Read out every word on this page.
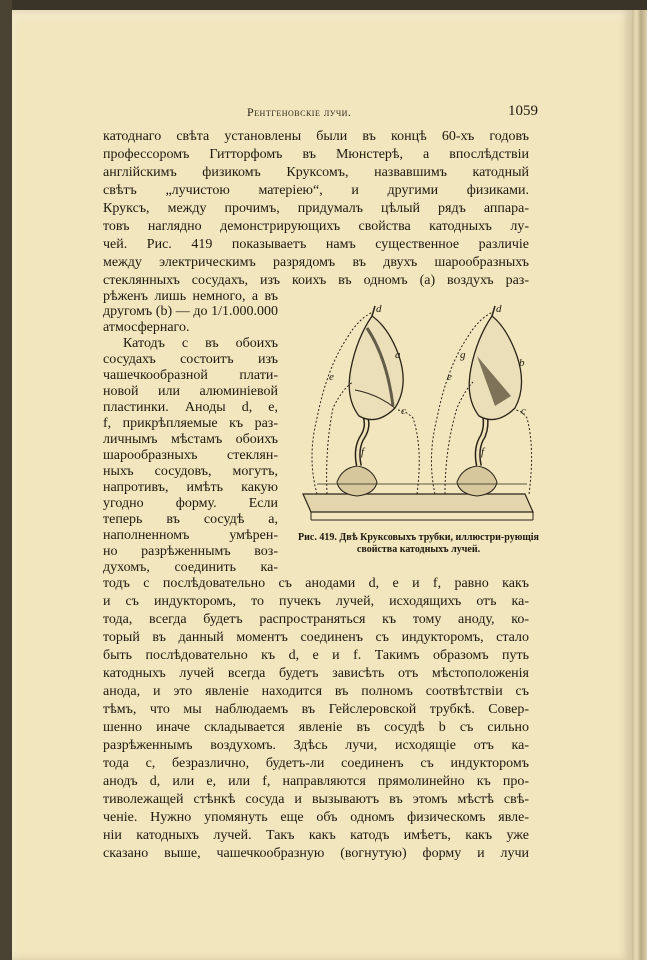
Рентгеновскіе лучи.	1059
катоднаго свѣта установлены были въ концѣ 60-хъ годовъ
профессоромъ Гитторфомъ въ Мюнстерѣ, а впослѣдствіи
англійскимъ физикомъ Круксомъ, назвавшимъ катодный
свѣтъ „лучистою матеріею“, и другими физиками.
Круксъ, между прочимъ, придумалъ цѣлый рядъ аппара-
товъ наглядно демонстрирующихъ свойства катодныхъ лу-
чей. Рис. 419 показываетъ намъ существенное различіе
между электрическимъ разрядомъ въ двухъ шарообразныхъ
стеклянныхъ сосудахъ, изъ коихъ въ одномъ (a) воздухъ раз-
рѣженъ лишь немного, а въ
другомъ (b) — до 1/1.000.000
атмосфернаго.
Катодъ c въ обоихъ
сосудахъ состоитъ изъ
чашечкообразной плати-
новой или алюминіевой
пластинки. Аноды d, e,
f, прикрѣпляемые къ раз-
личнымъ мѣстамъ обоихъ
шарообразныхъ стеклян-
ныхъ сосудовъ, могутъ,
напротивъ, имѣть какую
угодно форму. Если
теперь въ сосудѣ a,
наполненномъ умѣрен-
но разрѣженнымъ воз-
духомъ, соединить ка-
d
a
e
c
f
d
g
b
e
c
f
Рис. 419. Двѣ Круксовыхъ трубки, иллюстри-рующія свойства катодныхъ лучей.
тодъ c послѣдовательно съ анодами d, e и f, равно какъ
и съ индукторомъ, то пучекъ лучей, исходящихъ отъ ка-
тода, всегда будетъ распространяться къ тому аноду, ко-
торый въ данный моментъ соединенъ съ индукторомъ, стало
быть послѣдовательно къ d, e и f. Такимъ образомъ путь
катодныхъ лучей всегда будетъ зависѣть отъ мѣстоположенія
анода, и это явленіе находится въ полномъ соотвѣтствіи съ
тѣмъ, что мы наблюдаемъ въ Гейслеровской трубкѣ. Совер-
шенно иначе складывается явленіе въ сосудѣ b съ сильно
разрѣженнымъ воздухомъ. Здѣсь лучи, исходящіе отъ ка-
тода c, безразлично, будетъ-ли соединенъ съ индукторомъ
анодъ d, или e, или f, направляются прямолинейно къ про-
тиволежащей стѣнкѣ сосуда и вызываютъ въ этомъ мѣстѣ свѣ-
ченіе. Нужно упомянуть еще объ одномъ физическомъ явле-
ніи катодныхъ лучей. Такъ какъ катодъ имѣетъ, какъ уже
сказано выше, чашечкообразную (вогнутую) форму и лучи
